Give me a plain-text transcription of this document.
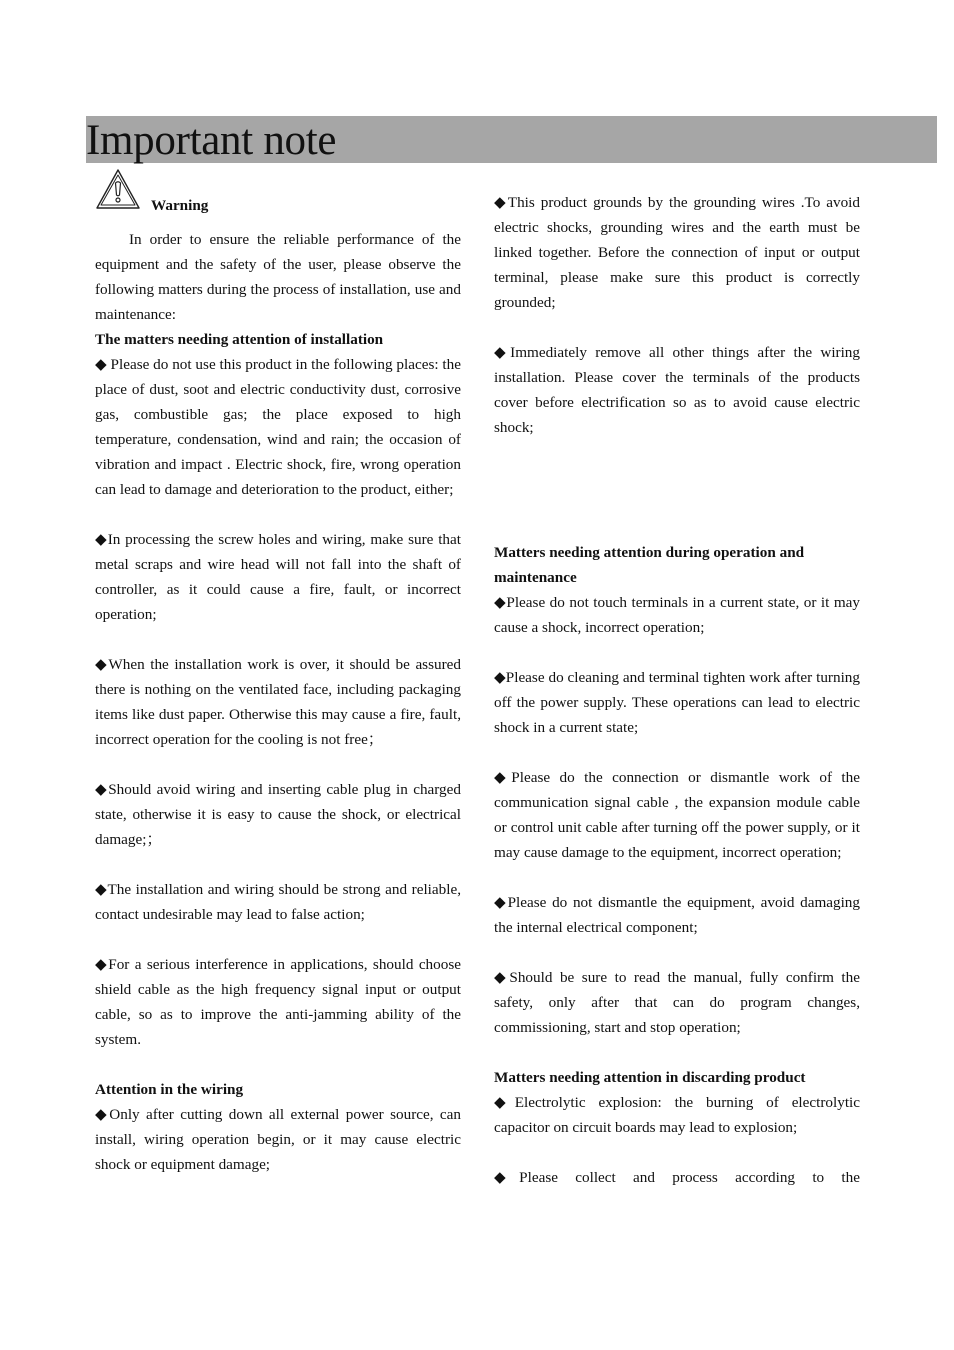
Important note
Warning

In order to ensure the reliable performance of the equipment and the safety of the user, please observe the following matters during the process of installation, use and maintenance:

The matters needing attention of installation

◆ Please do not use this product in the following places: the place of dust, soot and electric conductivity dust, corrosive gas, combustible gas; the place exposed to high temperature, condensation, wind and rain; the occasion of vibration and impact . Electric shock, fire, wrong operation can lead to damage and deterioration to the product, either;

◆In processing the screw holes and wiring, make sure that metal scraps and wire head will not fall into the shaft of controller, as it could cause a fire, fault, or incorrect operation;

◆When the installation work is over, it should be assured there is nothing on the ventilated face, including packaging items like dust paper. Otherwise this may cause a fire, fault, incorrect operation for the cooling is not free；

◆Should avoid wiring and inserting cable plug in charged state, otherwise it is easy to cause the shock, or electrical damage;；

◆The installation and wiring should be strong and reliable, contact undesirable may lead to false action;

◆For a serious interference in applications, should choose shield cable as the high frequency signal input or output cable, so as to improve the anti-jamming ability of the system.

Attention in the wiring

◆Only after cutting down all external power source, can install, wiring operation begin, or it may cause electric shock or equipment damage;

◆This product grounds by the grounding wires .To avoid electric shocks, grounding wires and the earth must be linked together. Before the connection of input or output terminal, please make sure this product is correctly grounded;

◆Immediately remove all other things after the wiring installation. Please cover the terminals of the products cover before electrification so as to avoid cause electric shock;

Matters needing attention during operation and maintenance

◆Please do not touch terminals in a current state, or it may cause a shock, incorrect operation;

◆Please do cleaning and terminal tighten work after turning off the power supply. These operations can lead to electric shock in a current state;

◆Please do the connection or dismantle work of the communication signal cable , the expansion module cable or control unit cable after turning off the power supply, or it may cause damage to the equipment, incorrect operation;

◆Please do not dismantle the equipment, avoid damaging the internal electrical component;

◆Should be sure to read the manual, fully confirm the safety, only after that can do program changes, commissioning, start and stop operation;

Matters needing attention in discarding product

◆Electrolytic explosion: the burning of electrolytic capacitor on circuit boards may lead to explosion;

◆Please collect and process according to the
